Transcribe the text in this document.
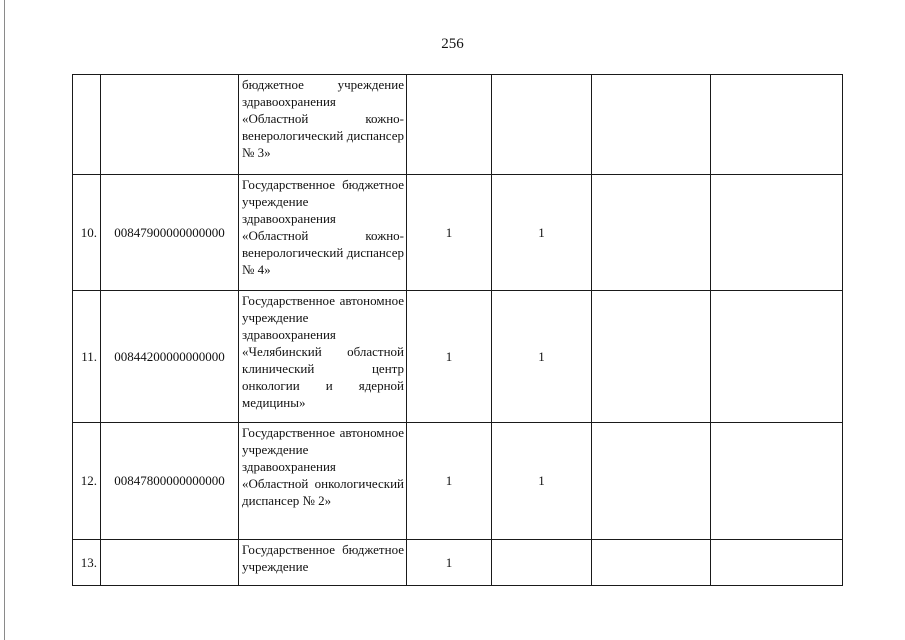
256

		бюджетное учреждение здравоохранения «Областной кожно-венерологический диспансер № 3»				

10.	00847900000000000	Государственное бюджетное учреждение здравоохранения «Областной кожно-венерологический диспансер № 4»	1	1		
11.	00844200000000000	Государственное автономное учреждение здравоохранения «Челябинский областной клинический центр онкологии и ядерной медицины»	1	1		
12.	00847800000000000	Государственное автономное учреждение здравоохранения «Областной онкологический диспансер № 2»	1	1		
13.		Государственное бюджетное учреждение	1			
